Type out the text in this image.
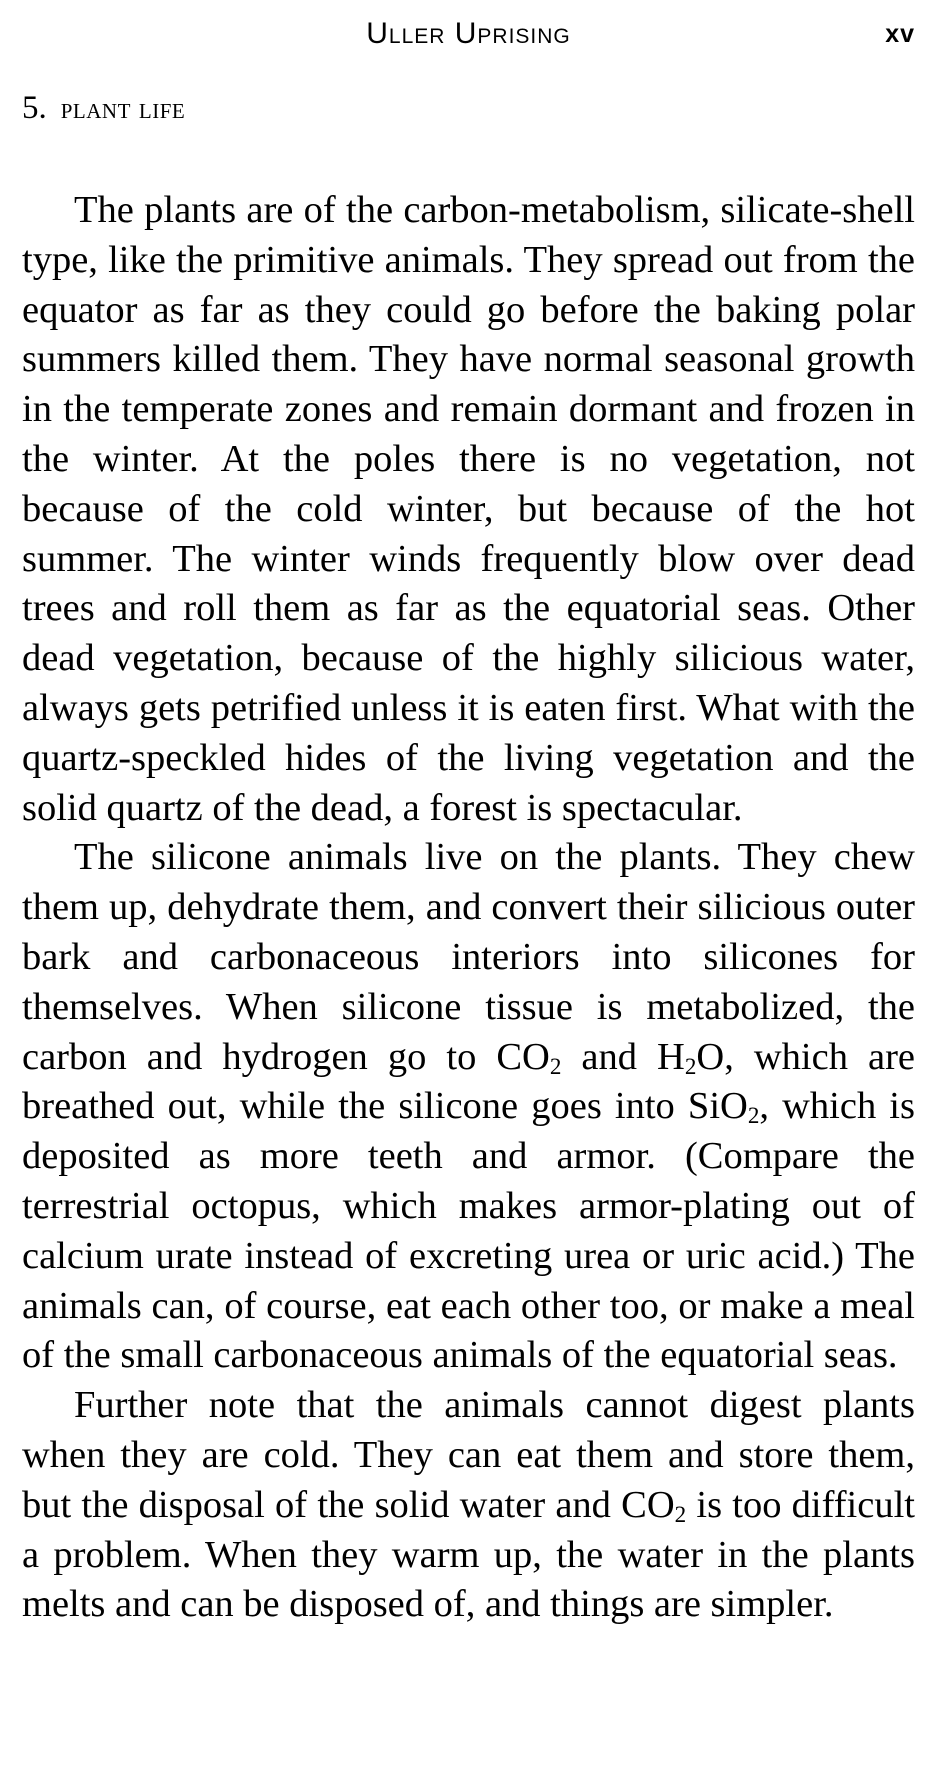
Uller Uprising	xv
5. plant life

The plants are of the carbon-metabolism, silicate-shell type, like the primitive animals. They spread out from the equator as far as they could go before the baking polar summers killed them. They have normal seasonal growth in the temperate zones and remain dormant and frozen in the winter. At the poles there is no vegetation, not because of the cold winter, but because of the hot summer. The winter winds frequently blow over dead trees and roll them as far as the equatorial seas. Other dead vegetation, because of the highly silicious water, always gets petrified unless it is eaten first. What with the quartz-speckled hides of the living vegetation and the solid quartz of the dead, a forest is spectacular.

The silicone animals live on the plants. They chew them up, dehydrate them, and convert their silicious outer bark and carbonaceous interiors into silicones for themselves. When silicone tissue is metabolized, the carbon and hydrogen go to $CO_2$ and $H_2O$, which are breathed out, while the silicone goes into SiO$_2$, which is deposited as more teeth and armor. (Compare the terrestrial octopus, which makes armor-plating out of calcium urate instead of excreting urea or uric acid.) The animals can, of course, eat each other too, or make a meal of the small carbonaceous animals of the equatorial seas.

Further note that the animals cannot digest plants when they are cold. They can eat them and store them, but the disposal of the solid water and $CO_2$ is too difficult a problem. When they warm up, the water in the plants melts and can be disposed of, and things are simpler.
